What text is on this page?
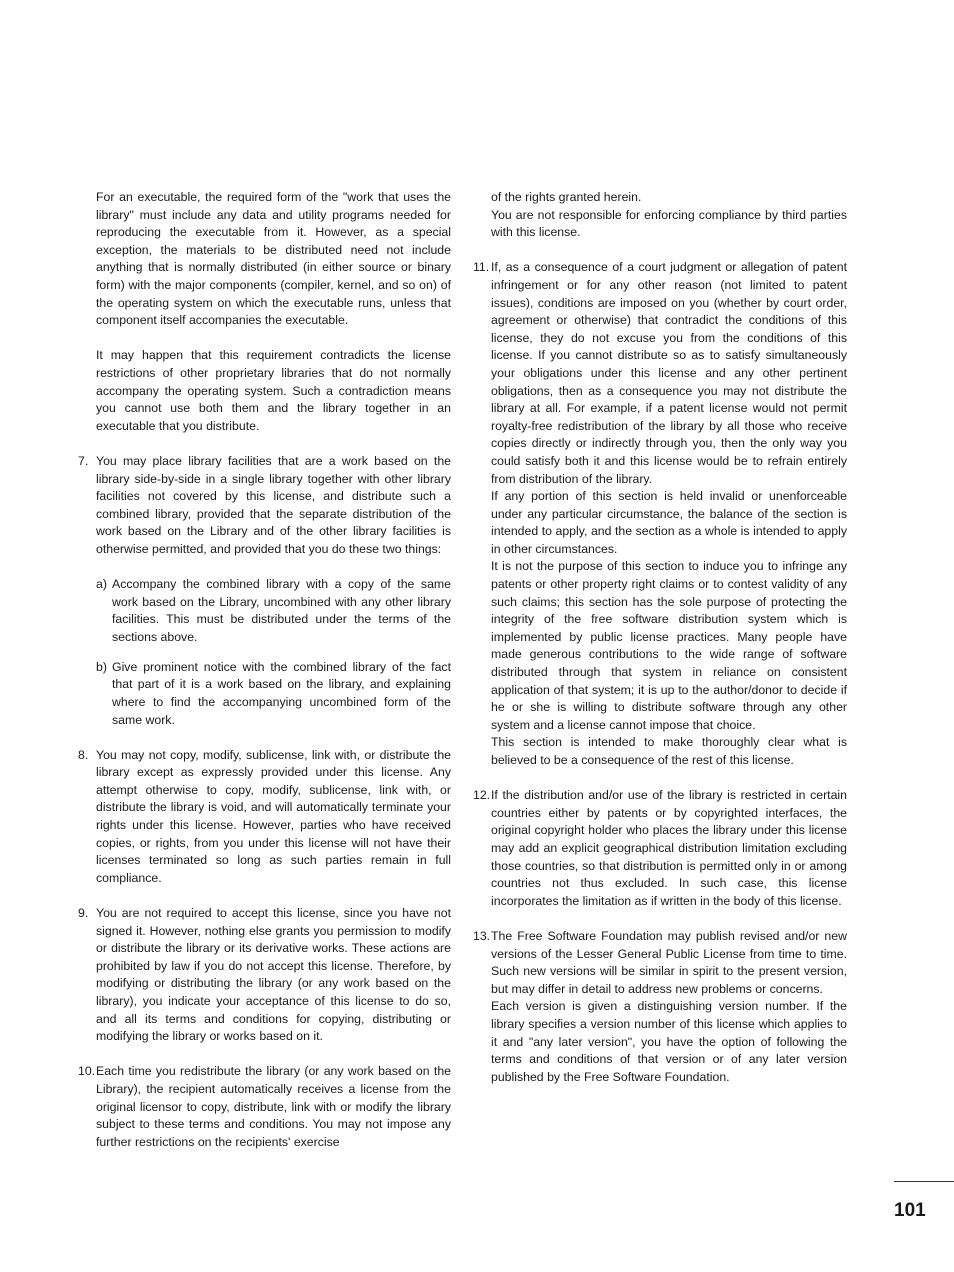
For an executable, the required form of the "work that uses the library" must include any data and utility programs needed for reproducing the executable from it. However, as a special exception, the materials to be distributed need not include anything that is normally distributed (in either source or binary form) with the major components (compiler, kernel, and so on) of the operating system on which the executable runs, unless that component itself accompanies the executable.

It may happen that this requirement contradicts the license restrictions of other proprietary libraries that do not normally accompany the operating system. Such a contradiction means you cannot use both them and the library together in an executable that you distribute.

7. You may place library facilities that are a work based on the library side-by-side in a single library together with other library facilities not covered by this license, and distribute such a combined library, provided that the separate distribution of the work based on the Library and of the other library facilities is otherwise permitted, and provided that you do these two things:

a) Accompany the combined library with a copy of the same work based on the Library, uncombined with any other library facilities. This must be distributed under the terms of the sections above.

b) Give prominent notice with the combined library of the fact that part of it is a work based on the library, and explaining where to find the accompanying uncombined form of the same work.

8. You may not copy, modify, sublicense, link with, or distribute the library except as expressly provided under this license. Any attempt otherwise to copy, modify, sublicense, link with, or distribute the library is void, and will automatically terminate your rights under this license. However, parties who have received copies, or rights, from you under this license will not have their licenses terminated so long as such parties remain in full compliance.

9. You are not required to accept this license, since you have not signed it. However, nothing else grants you permission to modify or distribute the library or its derivative works. These actions are prohibited by law if you do not accept this license. Therefore, by modifying or distributing the library (or any work based on the library), you indicate your acceptance of this license to do so, and all its terms and conditions for copying, distributing or modifying the library or works based on it.

10. Each time you redistribute the library (or any work based on the Library), the recipient automatically receives a license from the original licensor to copy, distribute, link with or modify the library subject to these terms and conditions. You may not impose any further restrictions on the recipients' exercise

of the rights granted herein.

You are not responsible for enforcing compliance by third parties with this license.

11. If, as a consequence of a court judgment or allegation of patent infringement or for any other reason (not limited to patent issues), conditions are imposed on you (whether by court order, agreement or otherwise) that contradict the conditions of this license, they do not excuse you from the conditions of this license. If you cannot distribute so as to satisfy simultaneously your obligations under this license and any other pertinent obligations, then as a consequence you may not distribute the library at all. For example, if a patent license would not permit royalty-free redistribution of the library by all those who receive copies directly or indirectly through you, then the only way you could satisfy both it and this license would be to refrain entirely from distribution of the library.

If any portion of this section is held invalid or unenforceable under any particular circumstance, the balance of the section is intended to apply, and the section as a whole is intended to apply in other circumstances.

It is not the purpose of this section to induce you to infringe any patents or other property right claims or to contest validity of any such claims; this section has the sole purpose of protecting the integrity of the free software distribution system which is implemented by public license practices. Many people have made generous contributions to the wide range of software distributed through that system in reliance on consistent application of that system; it is up to the author/donor to decide if he or she is willing to distribute software through any other system and a license cannot impose that choice.

This section is intended to make thoroughly clear what is believed to be a consequence of the rest of this license.

12. If the distribution and/or use of the library is restricted in certain countries either by patents or by copyrighted interfaces, the original copyright holder who places the library under this license may add an explicit geographical distribution limitation excluding those countries, so that distribution is permitted only in or among countries not thus excluded. In such case, this license incorporates the limitation as if written in the body of this license.

13. The Free Software Foundation may publish revised and/or new versions of the Lesser General Public License from time to time. Such new versions will be similar in spirit to the present version, but may differ in detail to address new problems or concerns.

Each version is given a distinguishing version number. If the library specifies a version number of this license which applies to it and "any later version", you have the option of following the terms and conditions of that version or of any later version published by the Free Software Foundation.

101
